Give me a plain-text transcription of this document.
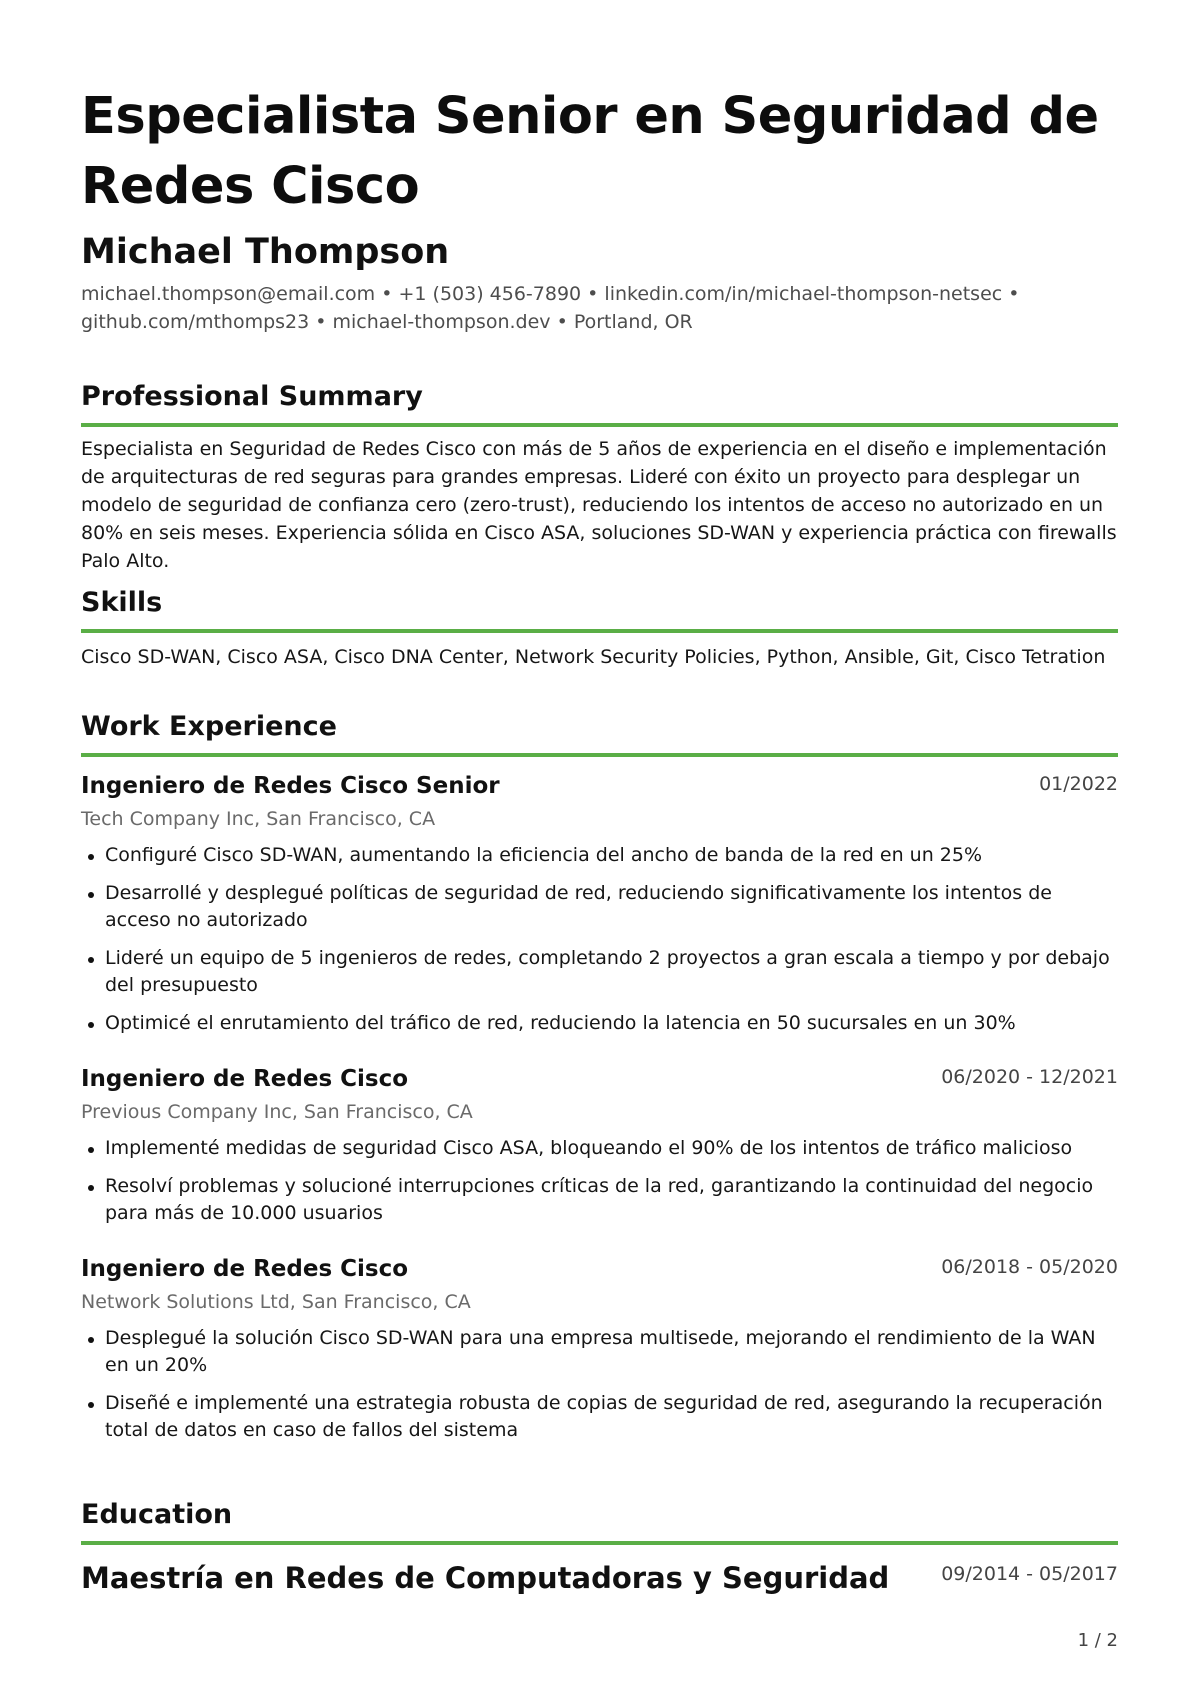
Especialista Senior en Seguridad de Redes Cisco
Michael Thompson
michael.thompson@email.com • +1 (503) 456-7890 • linkedin.com/in/michael-thompson-netsec •
github.com/mthomps23 • michael-thompson.dev • Portland, OR
Professional Summary
Especialista en Seguridad de Redes Cisco con más de 5 años de experiencia en el diseño e implementación de arquitecturas de red seguras para grandes empresas. Lideré con éxito un proyecto para desplegar un modelo de seguridad de confianza cero (zero-trust), reduciendo los intentos de acceso no autorizado en un 80% en seis meses. Experiencia sólida en Cisco ASA, soluciones SD-WAN y experiencia práctica con firewalls Palo Alto.
Skills
Cisco SD-WAN, Cisco ASA, Cisco DNA Center, Network Security Policies, Python, Ansible, Git, Cisco Tetration
Work Experience
Ingeniero de Redes Cisco Senior	01/2022
Tech Company Inc, San Francisco, CA
Configuré Cisco SD-WAN, aumentando la eficiencia del ancho de banda de la red en un 25%
Desarrollé y desplegué políticas de seguridad de red, reduciendo significativamente los intentos de acceso no autorizado
Lideré un equipo de 5 ingenieros de redes, completando 2 proyectos a gran escala a tiempo y por debajo del presupuesto
Optimicé el enrutamiento del tráfico de red, reduciendo la latencia en 50 sucursales en un 30%
Ingeniero de Redes Cisco	06/2020 - 12/2021
Previous Company Inc, San Francisco, CA
Implementé medidas de seguridad Cisco ASA, bloqueando el 90% de los intentos de tráfico malicioso
Resolví problemas y solucioné interrupciones críticas de la red, garantizando la continuidad del negocio para más de 10.000 usuarios
Ingeniero de Redes Cisco	06/2018 - 05/2020
Network Solutions Ltd, San Francisco, CA
Desplegué la solución Cisco SD-WAN para una empresa multisede, mejorando el rendimiento de la WAN en un 20%
Diseñé e implementé una estrategia robusta de copias de seguridad de red, asegurando la recuperación total de datos en caso de fallos del sistema
Education
Maestría en Redes de Computadoras y Seguridad	09/2014 - 05/2017
1 / 2
